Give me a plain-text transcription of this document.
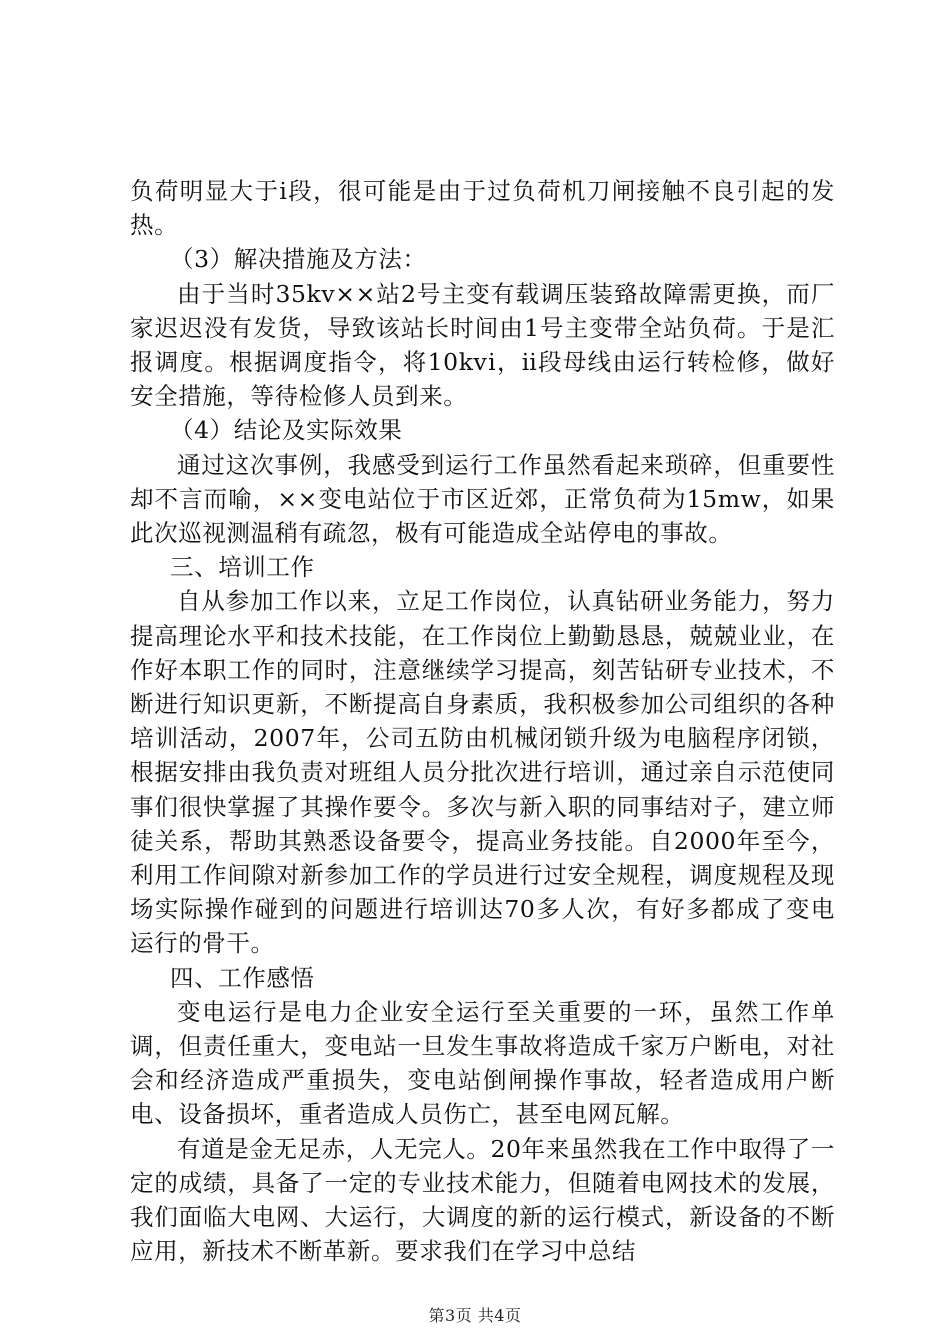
负荷明显大于ⅰ段，很可能是由于过负荷机刀闸接触不良引起的发热。

（3）解决措施及方法：

由于当时35kv××站2号主变有载调压装臵故障需更换，而厂家迟迟没有发货，导致该站长时间由1号主变带全站负荷。于是汇报调度。根据调度指令，将10kvⅰ，ⅱ段母线由运行转检修，做好安全措施，等待检修人员到来。

（4）结论及实际效果

通过这次事例，我感受到运行工作虽然看起来琐碎，但重要性却不言而喻，××变电站位于市区近郊，正常负荷为15mw，如果此次巡视测温稍有疏忽，极有可能造成全站停电的事故。

三、培训工作

自从参加工作以来，立足工作岗位，认真钻研业务能力，努力提高理论水平和技术技能，在工作岗位上勤勤恳恳，兢兢业业，在作好本职工作的同时，注意继续学习提高，刻苦钻研专业技术，不断进行知识更新，不断提高自身素质，我积极参加公司组织的各种培训活动，2007年，公司五防由机械闭锁升级为电脑程序闭锁，根据安排由我负责对班组人员分批次进行培训，通过亲自示范使同事们很快掌握了其操作要令。多次与新入职的同事结对子，建立师徒关系，帮助其熟悉设备要令，提高业务技能。自2000年至今，利用工作间隙对新参加工作的学员进行过安全规程，调度规程及现场实际操作碰到的问题进行培训达70多人次，有好多都成了变电运行的骨干。

四、工作感悟

变电运行是电力企业安全运行至关重要的一环，虽然工作单调，但责任重大，变电站一旦发生事故将造成千家万户断电，对社会和经济造成严重损失，变电站倒闸操作事故，轻者造成用户断电、设备损坏，重者造成人员伤亡，甚至电网瓦解。

有道是金无足赤，人无完人。20年来虽然我在工作中取得了一定的成绩，具备了一定的专业技术能力，但随着电网技术的发展，我们面临大电网、大运行，大调度的新的运行模式，新设备的不断应用，新技术不断革新。要求我们在学习中总结

第3页 共4页
